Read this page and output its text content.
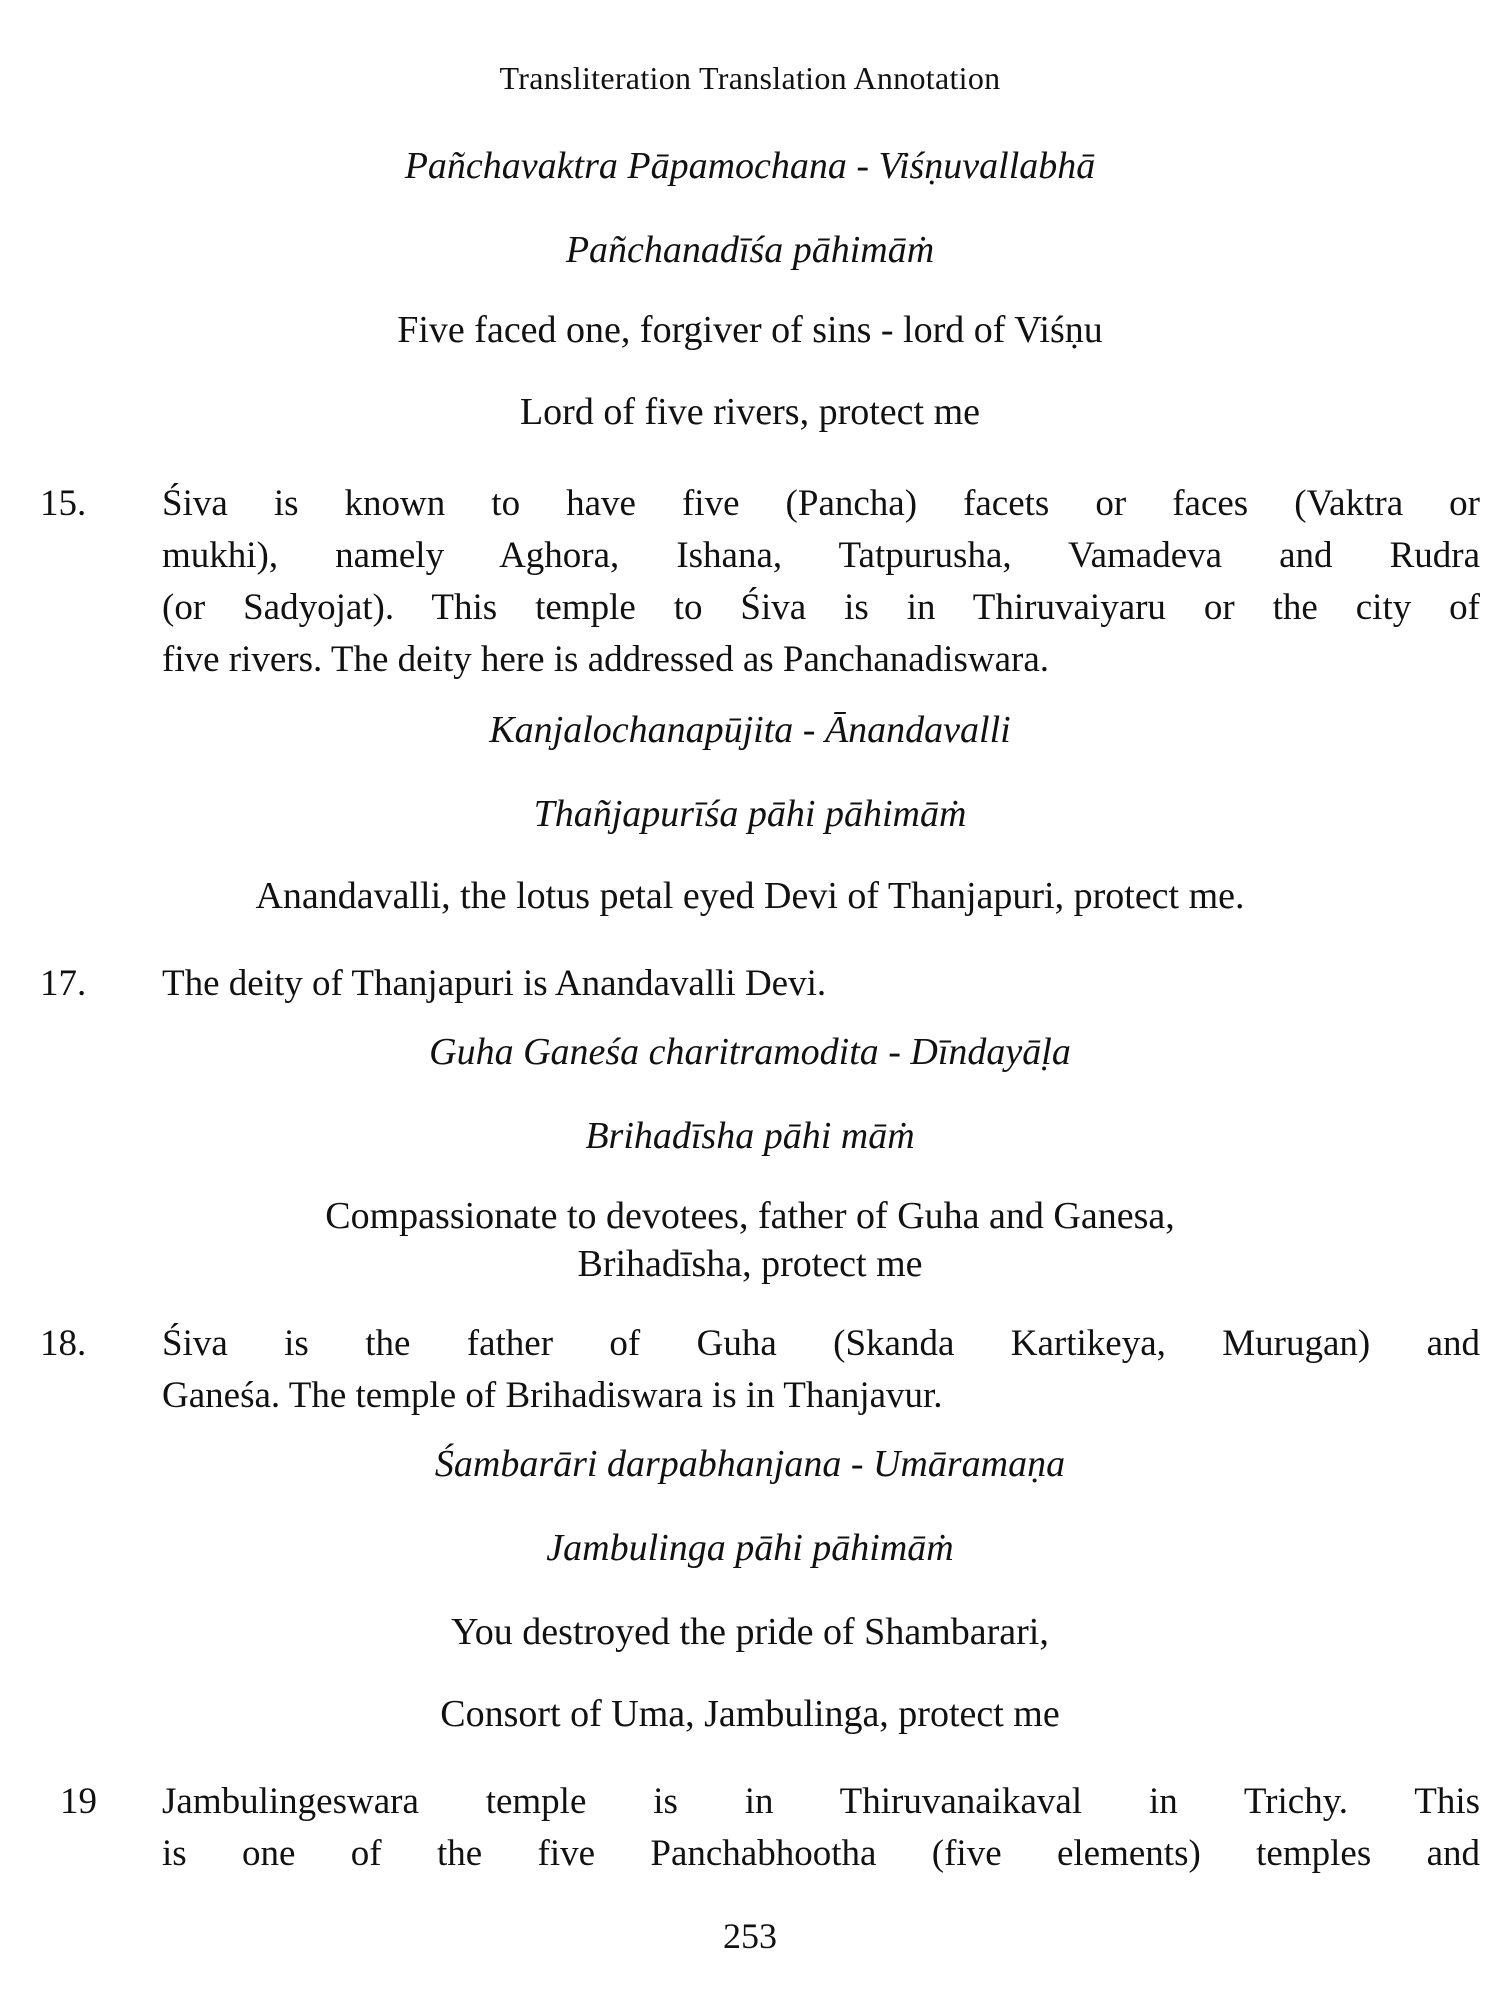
Transliteration Translation Annotation

Pañchavaktra Pāpamochana - Viśṇuvallabhā

Pañchanadīśa pāhimāṁ

Five faced one, forgiver of sins - lord of Viśṇu

Lord of five rivers, protect me

15.	Śiva is known to have five (Pancha) facets or faces (Vaktra or
mukhi), namely Aghora, Ishana, Tatpurusha, Vamadeva and Rudra
(or Sadyojat). This temple to Śiva is in Thiruvaiyaru or the city of
five rivers. The deity here is addressed as Panchanadiswara.

Kanjalochanapūjita - Ānandavalli

Thañjapurīśa pāhi pāhimāṁ

Anandavalli, the lotus petal eyed Devi of Thanjapuri, protect me.

17.	The deity of Thanjapuri is Anandavalli Devi.

Guha Ganeśa charitramodita - Dīndayāḷa

Brihadīsha pāhi māṁ

Compassionate to devotees, father of Guha and Ganesa,

Brihadīsha, protect me

18.	Śiva is the father of Guha (Skanda Kartikeya, Murugan) and
Ganeśa. The temple of Brihadiswara is in Thanjavur.

Śambarāri darpabhanjana - Umāramaṇa

Jambulinga pāhi pāhimāṁ

You destroyed the pride of Shambarari,

Consort of Uma, Jambulinga, protect me

19	Jambulingeswara temple is in Thiruvanaikaval in Trichy. This
is one of the five Panchabhootha (five elements) temples and
253
